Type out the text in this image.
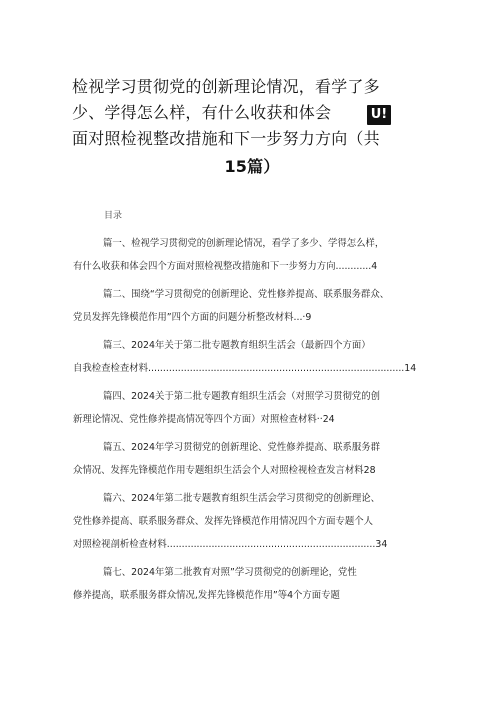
检视学习贯彻党的创新理论情况，看学了多
少、学得怎么样，有什么收获和体会
面对照检视整改措施和下一步努力方向（共
15篇）
U!
目录
篇一、检视学习贯彻党的创新理论情况，看学了多少、学得怎么样，
有什么收获和体会四个方面对照检视整改措施和下一步努力方向............4
篇二、围绕“学习贯彻党的创新理论、党性修养提高、联系服务群众、
党员发挥先锋模范作用”四个方面的问题分析整改材料...·9
篇三、2024年关于第二批专题教育组织生活会（最新四个方面）
自我检查检查材料......................................................................................14
篇四、2024关于第二批专题教育组织生活会（对照学习贯彻党的创
新理论情况、党性修养提高情况等四个方面）对照检查材料··24
篇五、2024年学习贯彻党的创新理论、党性修养提高、联系服务群
众情况、发挥先锋模范作用专题组织生活会个人对照检视检查发言材料28
篇六、2024年第二批专题教育组织生活会学习贯彻党的创新理论、
党性修养提高、联系服务群众、发挥先锋模范作用情况四个方面专题个人
对照检视剖析检查材料......................................................................34
篇七、2024年第二批教育对照”学习贯彻党的创新理论，党性
修养提高，联系服务群众情况,发挥先锋模范作用”等4个方面专题
